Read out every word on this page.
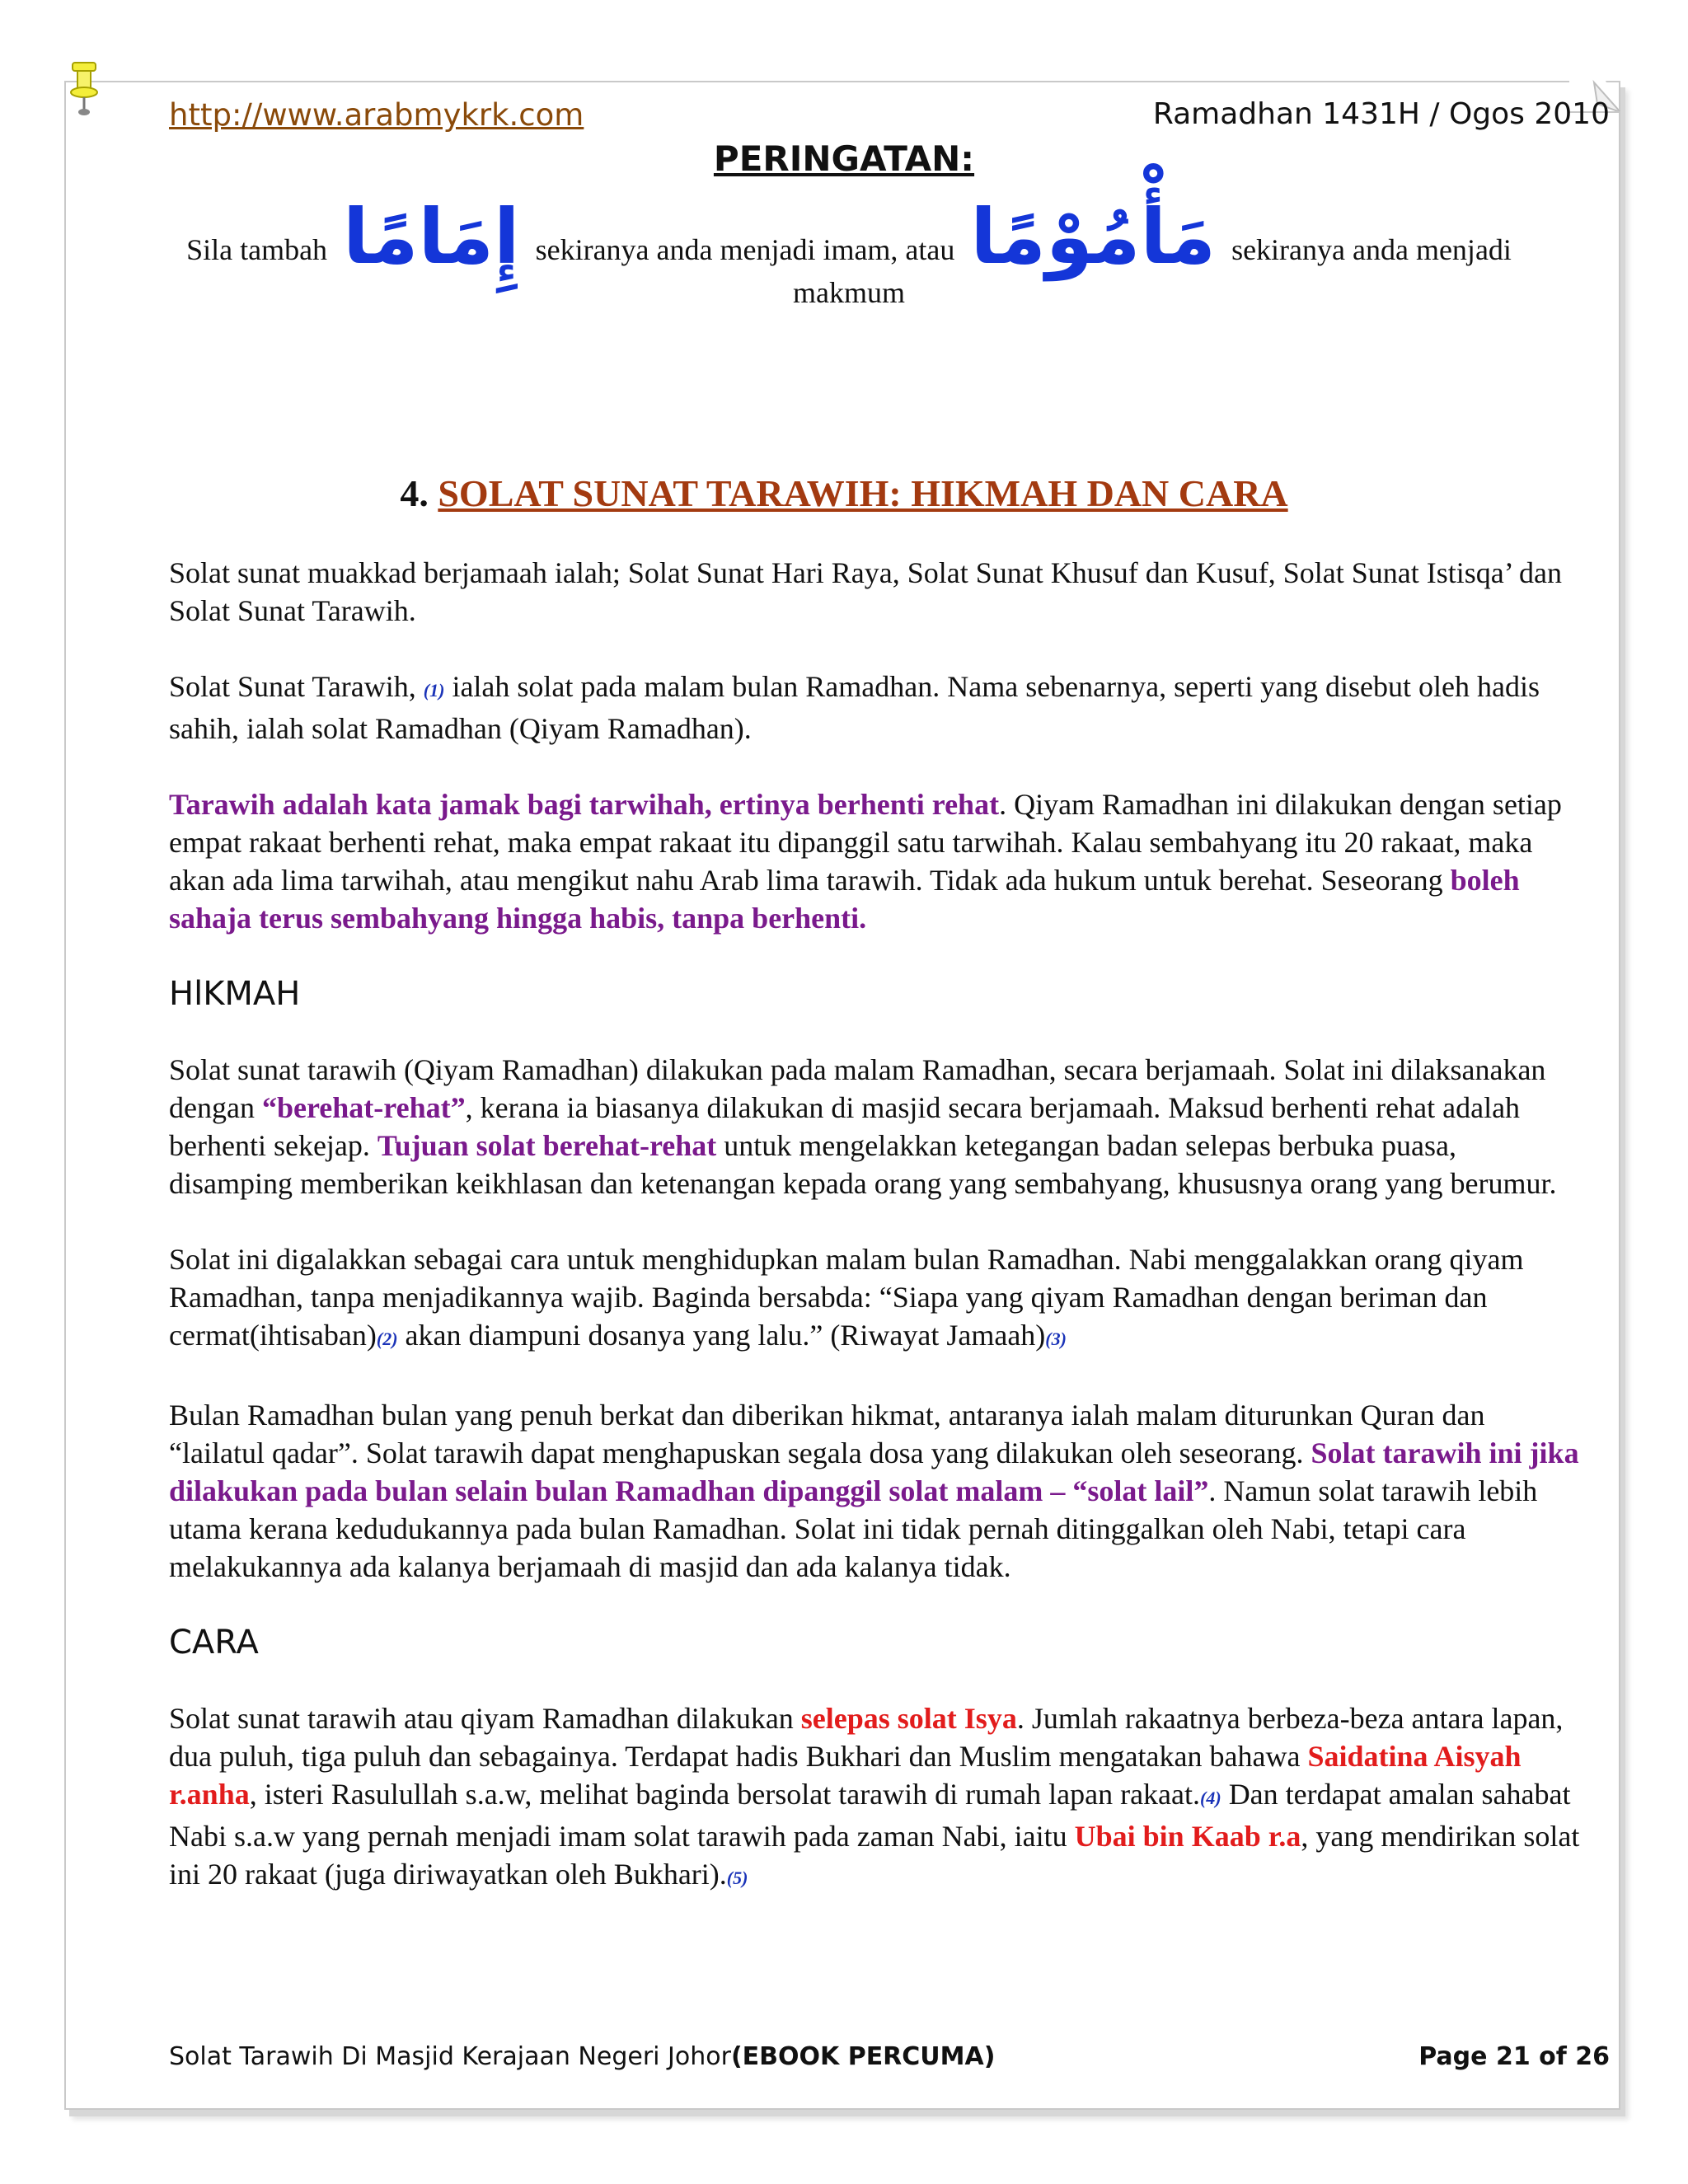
http://www.arabmykrk.com	Ramadhan 1431H / Ogos 2010
PERINGATAN:
Sila tambah إِمَامًا sekiranya anda menjadi imam, atau مَأْمُوْمًا sekiranya anda menjadi makmum
4. SOLAT SUNAT TARAWIH: HIKMAH DAN CARA

Solat sunat muakkad berjamaah ialah; Solat Sunat Hari Raya, Solat Sunat Khusuf dan Kusuf, Solat Sunat Istisqa’ dan Solat Sunat Tarawih.

Solat Sunat Tarawih, (1) ialah solat pada malam bulan Ramadhan. Nama sebenarnya, seperti yang disebut oleh hadis sahih, ialah solat Ramadhan (Qiyam Ramadhan).

Tarawih adalah kata jamak bagi tarwihah, ertinya berhenti rehat. Qiyam Ramadhan ini dilakukan dengan setiap empat rakaat berhenti rehat, maka empat rakaat itu dipanggil satu tarwihah. Kalau sembahyang itu 20 rakaat, maka akan ada lima tarwihah, atau mengikut nahu Arab lima tarawih. Tidak ada hukum untuk berehat. Seseorang boleh sahaja terus sembahyang hingga habis, tanpa berhenti.

HlKMAH

Solat sunat tarawih (Qiyam Ramadhan) dilakukan pada malam Ramadhan, secara berjamaah. Solat ini dilaksanakan dengan “berehat-rehat”, kerana ia biasanya dilakukan di masjid secara berjamaah. Maksud berhenti rehat adalah berhenti sekejap. Tujuan solat berehat-rehat untuk mengelakkan ketegangan badan selepas berbuka puasa, disamping memberikan keikhlasan dan ketenangan kepada orang yang sembahyang, khususnya orang yang berumur.

Solat ini digalakkan sebagai cara untuk menghidupkan malam bulan Ramadhan. Nabi menggalakkan orang qiyam Ramadhan, tanpa menjadikannya wajib. Baginda bersabda: “Siapa yang qiyam Ramadhan dengan beriman dan cermat(ihtisaban)(2) akan diampuni dosanya yang lalu.” (Riwayat Jamaah)(3)

Bulan Ramadhan bulan yang penuh berkat dan diberikan hikmat, antaranya ialah malam diturunkan Quran dan “lailatul qadar”. Solat tarawih dapat menghapuskan segala dosa yang dilakukan oleh seseorang. Solat tarawih ini jika dilakukan pada bulan selain bulan Ramadhan dipanggil solat malam – “solat lail”. Namun solat tarawih lebih utama kerana kedudukannya pada bulan Ramadhan. Solat ini tidak pernah ditinggalkan oleh Nabi, tetapi cara melakukannya ada kalanya berjamaah di masjid dan ada kalanya tidak.

CARA

Solat sunat tarawih atau qiyam Ramadhan dilakukan selepas solat Isya. Jumlah rakaatnya berbeza-beza antara lapan, dua puluh, tiga puluh dan sebagainya. Terdapat hadis Bukhari dan Muslim mengatakan bahawa Saidatina Aisyah r.anha, isteri Rasulullah s.a.w, melihat baginda bersolat tarawih di rumah lapan rakaat.(4) Dan terdapat amalan sahabat Nabi s.a.w yang pernah menjadi imam solat tarawih pada zaman Nabi, iaitu Ubai bin Kaab r.a, yang mendirikan solat ini 20 rakaat (juga diriwayatkan oleh Bukhari).(5)

Solat Tarawih Di Masjid Kerajaan Negeri Johor(EBOOK PERCUMA)	Page 21 of 26
